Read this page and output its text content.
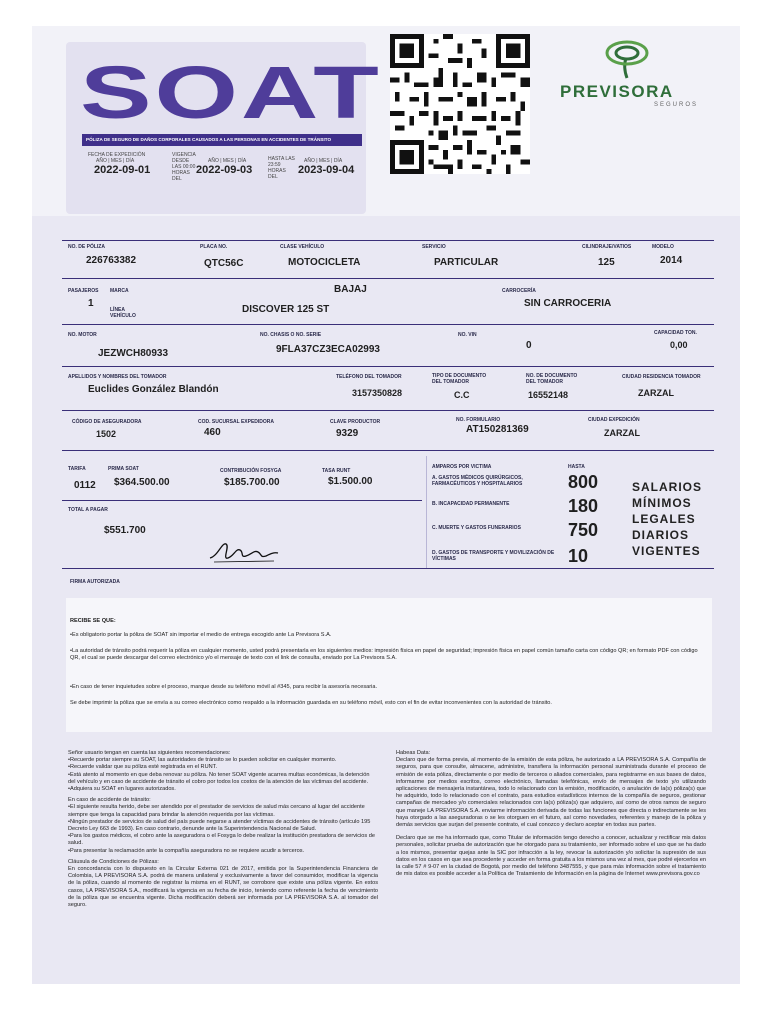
SOAT
PÓLIZA DE SEGURO DE DAÑOS CORPORALES CAUSADOS A LAS PERSONAS EN ACCIDENTES DE TRÁNSITO
FECHA DE EXPEDICIÓN
AÑO | MES | DÍA
2022-09-01
VIGENCIA DESDE LAS 00:00 HORAS DEL
AÑO | MES | DÍA
2022-09-03
HASTA LAS 23:59 HORAS DEL
AÑO | MES | DÍA
2023-09-04
PREVISORA
SEGUROS
NO. DE PÓLIZA
226763382
PLACA NO.
QTC56C
CLASE VEHÍCULO
MOTOCICLETA
SERVICIO
PARTICULAR
CILINDRAJE/VATIOS
125
MODELO
2014
PASAJEROS
1
MARCA	BAJAJ
LÍNEA VEHÍCULO
DISCOVER 125 ST
CARROCERÍA
SIN CARROCERIA
NO. MOTOR
JEZWCH80933
NO. CHASIS O NO. SERIE
9FLA37CZ3ECA02993
NO. VIN
0
CAPACIDAD TON.
0,00
APELLIDOS Y NOMBRES DEL TOMADOR
Euclides González Blandón
TELÉFONO DEL TOMADOR
3157350828
TIPO DE DOCUMENTO DEL TOMADOR
C.C
NO. DE DOCUMENTO DEL TOMADOR
16552148
CIUDAD RESIDENCIA TOMADOR
ZARZAL
CÓDIGO DE ASEGURADORA
1502
COD. SUCURSAL EXPEDIDORA
460
CLAVE PRODUCTOR
9329
NO. FORMULARIO
AT150281369
CIUDAD EXPEDICIÓN
ZARZAL
TARIFA
0112
PRIMA SOAT
$364.500.00
CONTRIBUCIÓN FOSYGA
$185.700.00
TASA RUNT
$1.500.00
TOTAL A PAGAR
$551.700
FIRMA AUTORIZADA
AMPAROS POR VICTIMA	HASTA
A. GASTOS MÉDICOS QUIRÚRGICOS, FARMACÉUTICOS Y HOSPITALARIOS	800
B. INCAPACIDAD PERMANENTE	180
C. MUERTE Y GASTOS FUNERARIOS	750
D. GASTOS DE TRANSPORTE Y MOVILIZACIÓN DE VÍCTIMAS	10
SALARIOS
MÍNIMOS
LEGALES
DIARIOS
VIGENTES
RECIBE SE QUE:
•Es obligatorio portar la póliza de SOAT sin importar el medio de entrega escogido ante La Previsora S.A.
•La autoridad de tránsito podrá requerir la póliza en cualquier momento, usted podrá presentarla en los siguientes medios: impresión física en papel de seguridad; impresión física en papel común tamaño carta con código QR; en formato PDF con código QR, el cual se puede descargar del correo electrónico y/o el mensaje de texto con el link de consulta, enviado por La Previsora S.A.
•En caso de tener inquietudes sobre el proceso, marque desde su teléfono móvil al #345, para recibir la asesoría necesaria.
Se debe imprimir la póliza que se envía a su correo electrónico como respaldo a la información guardada en su teléfono móvil, esto con el fin de evitar inconvenientes con la autoridad de tránsito.
Señor usuario tengan en cuenta las siguientes recomendaciones:
•Recuerde portar siempre su SOAT, las autoridades de tránsito se lo pueden solicitar en cualquier momento.
•Recuerde validar que su póliza esté registrada en el RUNT.
•Está atento al momento en que deba renovar su póliza. No tener SOAT vigente acarrea multas económicas, la detención del vehículo y en caso de accidente de tránsito el cobro por todos los costos de la atención de las víctimas del accidente.
•Adquiera su SOAT en lugares autorizados.
En caso de accidente de tránsito:
•El siguiente resulta herido, debe ser atendido por el prestador de servicios de salud más cercano al lugar del accidente siempre que tenga la capacidad para brindar la atención requerida por las víctimas.
•Ningún prestador de servicios de salud del país puede negarse a atender víctimas de accidentes de tránsito (artículo 195 Decreto Ley 663 de 1993). En caso contrario, denunde ante la Superintendencia Nacional de Salud.
•Para los gastos médicos, el cobro ante la aseguradora o el Fosyga lo debe realizar la institución prestadora de servicios de salud.
•Para presentar la reclamación ante la compañía aseguradora no se requiere acudir a terceros.
Cláusula de Condiciones de Pólizas:
En concordancia con lo dispuesto en la Circular Externa 021 de 2017, emitida por la Superintendencia Financiera de Colombia, LA PREVISORA S.A. podrá de manera unilateral y exclusivamente a favor del consumidor, modificar la vigencia de la póliza, cuando al momento de registrar la misma en el RUNT, se corrobore que existe una póliza vigente. En estos casos, LA PREVISORA S.A., modificará la vigencia en su fecha de inicio, teniendo como referente la fecha de vencimiento de la póliza que se encuentra vigente. Dicha modificación deberá ser informada por LA PREVISORA S.A. al tomador del seguro.
Habeas Data:
Declaro que de forma previa, al momento de la emisión de esta póliza, he autorizado a LA PREVISORA S.A. Compañía de seguros, para que consulte, almacene, administre, transfiera la información personal suministrada durante el proceso de emisión de esta póliza, directamente o por medio de terceros o aliados comerciales, para registrarme en sus bases de datos, informarme por medios escritos, correo electrónico, llamadas telefónicas, envío de mensajes de texto y/o utilizando aplicaciones de mensajería instantánea, todo lo relacionado con la emisión, modificación, o anulación de la(s) póliza(s) que he adquirido, todo lo relacionado con el contrato, para estudios estadísticos internos de la compañía de seguros, gestionar campañas de mercadeo y/o comerciales relacionados con la(s) póliza(s) que adquiero, así como de otros ramos de seguro que maneje LA PREVISORA S.A. enviarme información derivada de todas las funciones que directa o indirectamente se les haya otorgado a las aseguradoras o se les otorguen en el futuro, así como novedades, referentes y manejo de la póliza y demás servicios que surjan del presente contrato, el cual conozco y declaro aceptar en todas sus partes.
Declaro que se me ha informado que, como Titular de información tengo derecho a conocer, actualizar y rectificar mis datos personales, solicitar prueba de autorización que he otorgado para su tratamiento, ser informado sobre el uso que se ha dado a los mismos, presentar quejas ante la SIC por infracción a la ley, revocar la autorización y/o solicitar la supresión de sus datos en los casos en que sea procedente y acceder en forma gratuita a los mismos una vez al mes, que podré ejercerlos en la calle 57 # 9-07 en la ciudad de Bogotá, por medio del teléfono 3487555, y que para más información sobre el tratamiento de mis datos es posible acceder a la Política de Tratamiento de Información en la página de Internet www.previsora.gov.co
